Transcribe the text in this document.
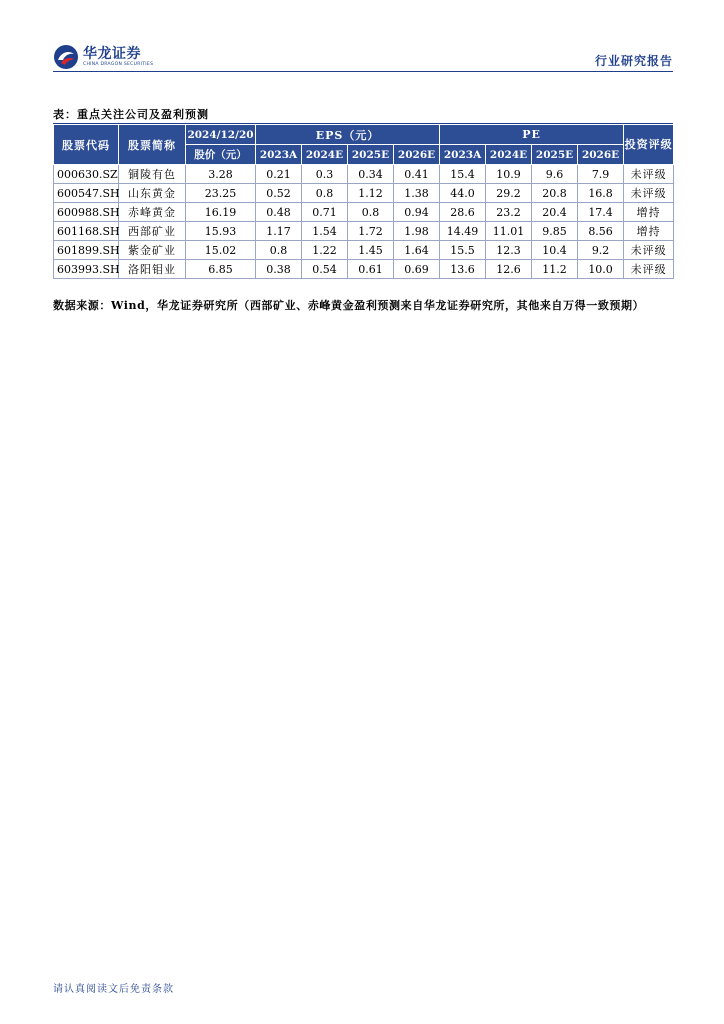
华龙证券
CHINA DRAGON SECURITIES	行业研究报告
表：重点关注公司及盈利预测
股票代码	股票简称	2024/12/20	EPS（元）				PE				投资评级
		股价（元）	2023A	2024E	2025E	2026E	2023A	2024E	2025E	2026E	
000630.SZ	铜陵有色	3.28	0.21	0.3	0.34	0.41	15.4	10.9	9.6	7.9	未评级
600547.SH	山东黄金	23.25	0.52	0.8	1.12	1.38	44.0	29.2	20.8	16.8	未评级
600988.SH	赤峰黄金	16.19	0.48	0.71	0.8	0.94	28.6	23.2	20.4	17.4	增持
601168.SH	西部矿业	15.93	1.17	1.54	1.72	1.98	14.49	11.01	9.85	8.56	增持
601899.SH	紫金矿业	15.02	0.8	1.22	1.45	1.64	15.5	12.3	10.4	9.2	未评级
603993.SH	洛阳钼业	6.85	0.38	0.54	0.61	0.69	13.6	12.6	11.2	10.0	未评级
数据来源：Wind，华龙证券研究所（西部矿业、赤峰黄金盈利预测来自华龙证券研究所，其他来自万得一致预期）
请认真阅读文后免责条款
